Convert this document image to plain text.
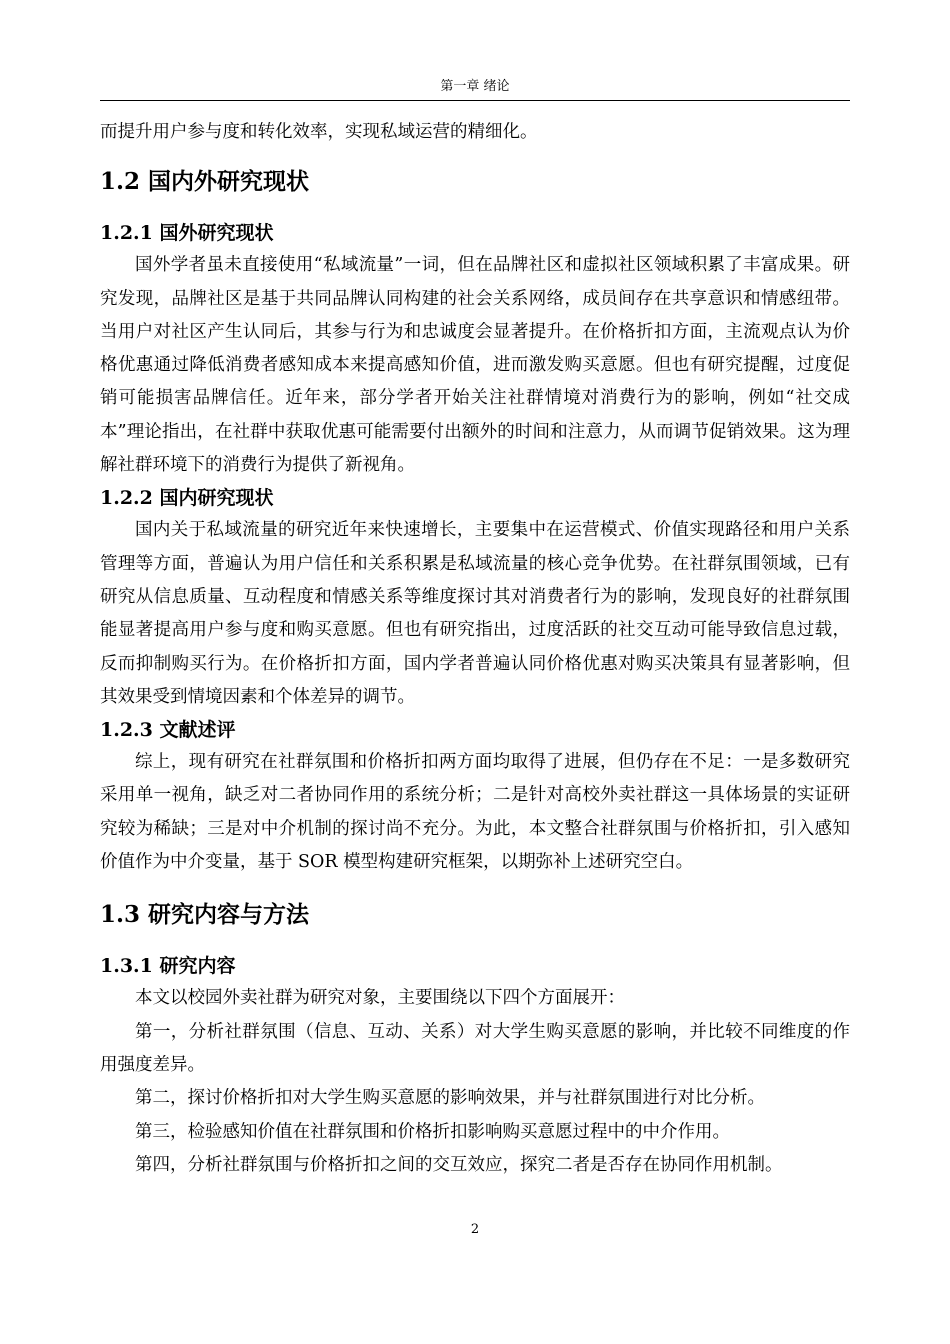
第一章 绪论

而提升用户参与度和转化效率，实现私域运营的精细化。

1.2 国内外研究现状
1.2.1 国外研究现状

国外学者虽未直接使用“私域流量”一词，但在品牌社区和虚拟社区领域积累了丰富成果。研究发现，品牌社区是基于共同品牌认同构建的社会关系网络，成员间存在共享意识和情感纽带。当用户对社区产生认同后，其参与行为和忠诚度会显著提升。在价格折扣方面，主流观点认为价格优惠通过降低消费者感知成本来提高感知价值，进而激发购买意愿。但也有研究提醒，过度促销可能损害品牌信任。近年来，部分学者开始关注社群情境对消费行为的影响，例如“社交成本”理论指出，在社群中获取优惠可能需要付出额外的时间和注意力，从而调节促销效果。这为理解社群环境下的消费行为提供了新视角。

1.2.2 国内研究现状

国内关于私域流量的研究近年来快速增长，主要集中在运营模式、价值实现路径和用户关系管理等方面，普遍认为用户信任和关系积累是私域流量的核心竞争优势。在社群氛围领域，已有研究从信息质量、互动程度和情感关系等维度探讨其对消费者行为的影响，发现良好的社群氛围能显著提高用户参与度和购买意愿。但也有研究指出，过度活跃的社交互动可能导致信息过载，反而抑制购买行为。在价格折扣方面，国内学者普遍认同价格优惠对购买决策具有显著影响，但其效果受到情境因素和个体差异的调节。

1.2.3 文献述评

综上，现有研究在社群氛围和价格折扣两方面均取得了进展，但仍存在不足：一是多数研究采用单一视角，缺乏对二者协同作用的系统分析；二是针对高校外卖社群这一具体场景的实证研究较为稀缺；三是对中介机制的探讨尚不充分。为此，本文整合社群氛围与价格折扣，引入感知价值作为中介变量，基于 SOR 模型构建研究框架，以期弥补上述研究空白。

1.3 研究内容与方法
1.3.1 研究内容

本文以校园外卖社群为研究对象，主要围绕以下四个方面展开：

第一，分析社群氛围（信息、互动、关系）对大学生购买意愿的影响，并比较不同维度的作用强度差异。

第二，探讨价格折扣对大学生购买意愿的影响效果，并与社群氛围进行对比分析。

第三，检验感知价值在社群氛围和价格折扣影响购买意愿过程中的中介作用。

第四，分析社群氛围与价格折扣之间的交互效应，探究二者是否存在协同作用机制。

2
